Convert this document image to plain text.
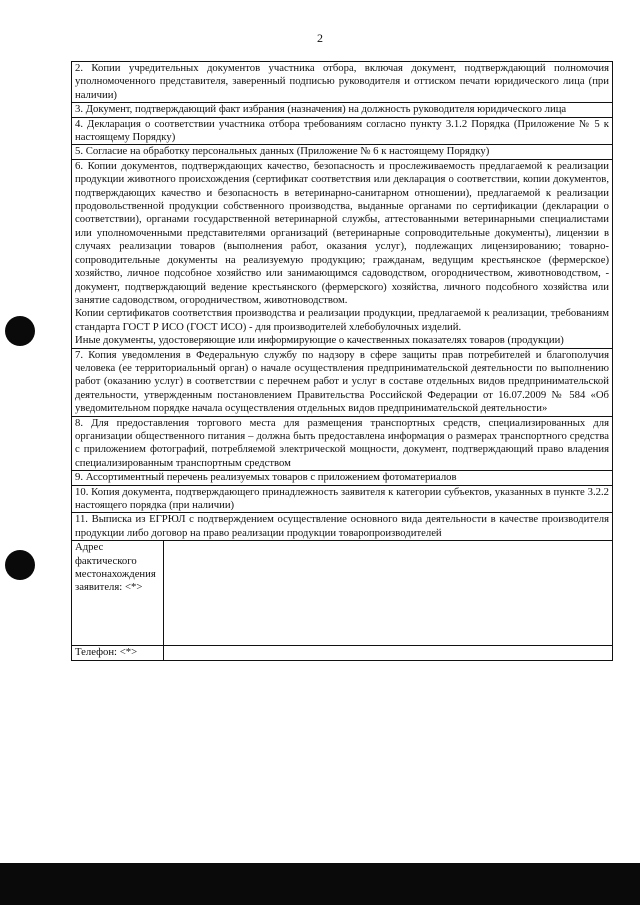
2
2. Копии учредительных документов участника отбора, включая документ, подтверждающий полномочия уполномоченного представителя, заверенный подписью руководителя и оттиском печати юридического лица (при наличии)	
3. Документ, подтверждающий факт избрания (назначения) на должность руководителя юридического лица	
4. Декларация о соответствии участника отбора требованиям согласно пункту 3.1.2 Порядка (Приложение № 5 к настоящему Порядку)	
5. Согласие на обработку персональных данных (Приложение № 6 к настоящему Порядку)	

6. Копии документов, подтверждающих качество, безопасность и прослеживаемость предлагаемой к реализации продукции животного происхождения (сертификат соответствия или декларация о соответствии, копии документов, подтверждающих качество и безопасность в ветеринарно-санитарном отношении), предлагаемой к реализации продовольственной продукции собственного производства, выданные органами по сертификации (декларации о соответствии), органами государственной ветеринарной службы, аттестованными ветеринарными специалистами или уполномоченными представителями организаций (ветеринарные сопроводительные документы), лицензии в случаях реализации товаров (выполнения работ, оказания услуг), подлежащих лицензированию; товарно-сопроводительные документы на реализуемую продукцию; гражданам, ведущим крестьянское (фермерское) хозяйство, личное подсобное хозяйство или занимающимся садоводством, огородничеством, животноводством, - документ, подтверждающий ведение крестьянского (фермерского) хозяйства, личного подсобного хозяйства или занятие садоводством, огородничеством, животноводством.
Копии сертификатов соответствия производства и реализации продукции, предлагаемой к реализации, требованиям стандарта ГОСТ Р ИСО (ГОСТ ИСО) - для производителей хлебобулочных изделий.
Иные документы, удостоверяющие или информирующие о качественных показателях товаров (продукции)	

7. Копия уведомления в Федеральную службу по надзору в сфере защиты прав потребителей и благополучия человека (ее территориальный орган) о начале осуществления предпринимательской деятельности по выполнению работ (оказанию услуг) в соответствии с перечнем работ и услуг в составе отдельных видов предпринимательской деятельности, утвержденным постановлением Правительства Российской Федерации от 16.07.2009 № 584 «Об уведомительном порядке начала осуществления отдельных видов предпринимательской деятельности»	
8. Для предоставления торгового места для размещения транспортных средств, специализированных для организации общественного питания – должна быть предоставлена информация о размерах транспортного средства с приложением фотографий, потребляемой электрической мощности, документ, подтверждающий право владения специализированным транспортным средством	
9. Ассортиментный перечень реализуемых товаров с приложением фотоматериалов	
10. Копия документа, подтверждающего принадлежность заявителя к категории субъектов, указанных в пункте 3.2.2 настоящего порядка (при наличии)	
11. Выписка из ЕГРЮЛ с подтверждением осуществление основного вида деятельности в качестве производителя продукции либо договор на право реализации продукции товаропроизводителей	
Адрес фактического местонахождения заявителя: <*>	
Телефон: <*>	
